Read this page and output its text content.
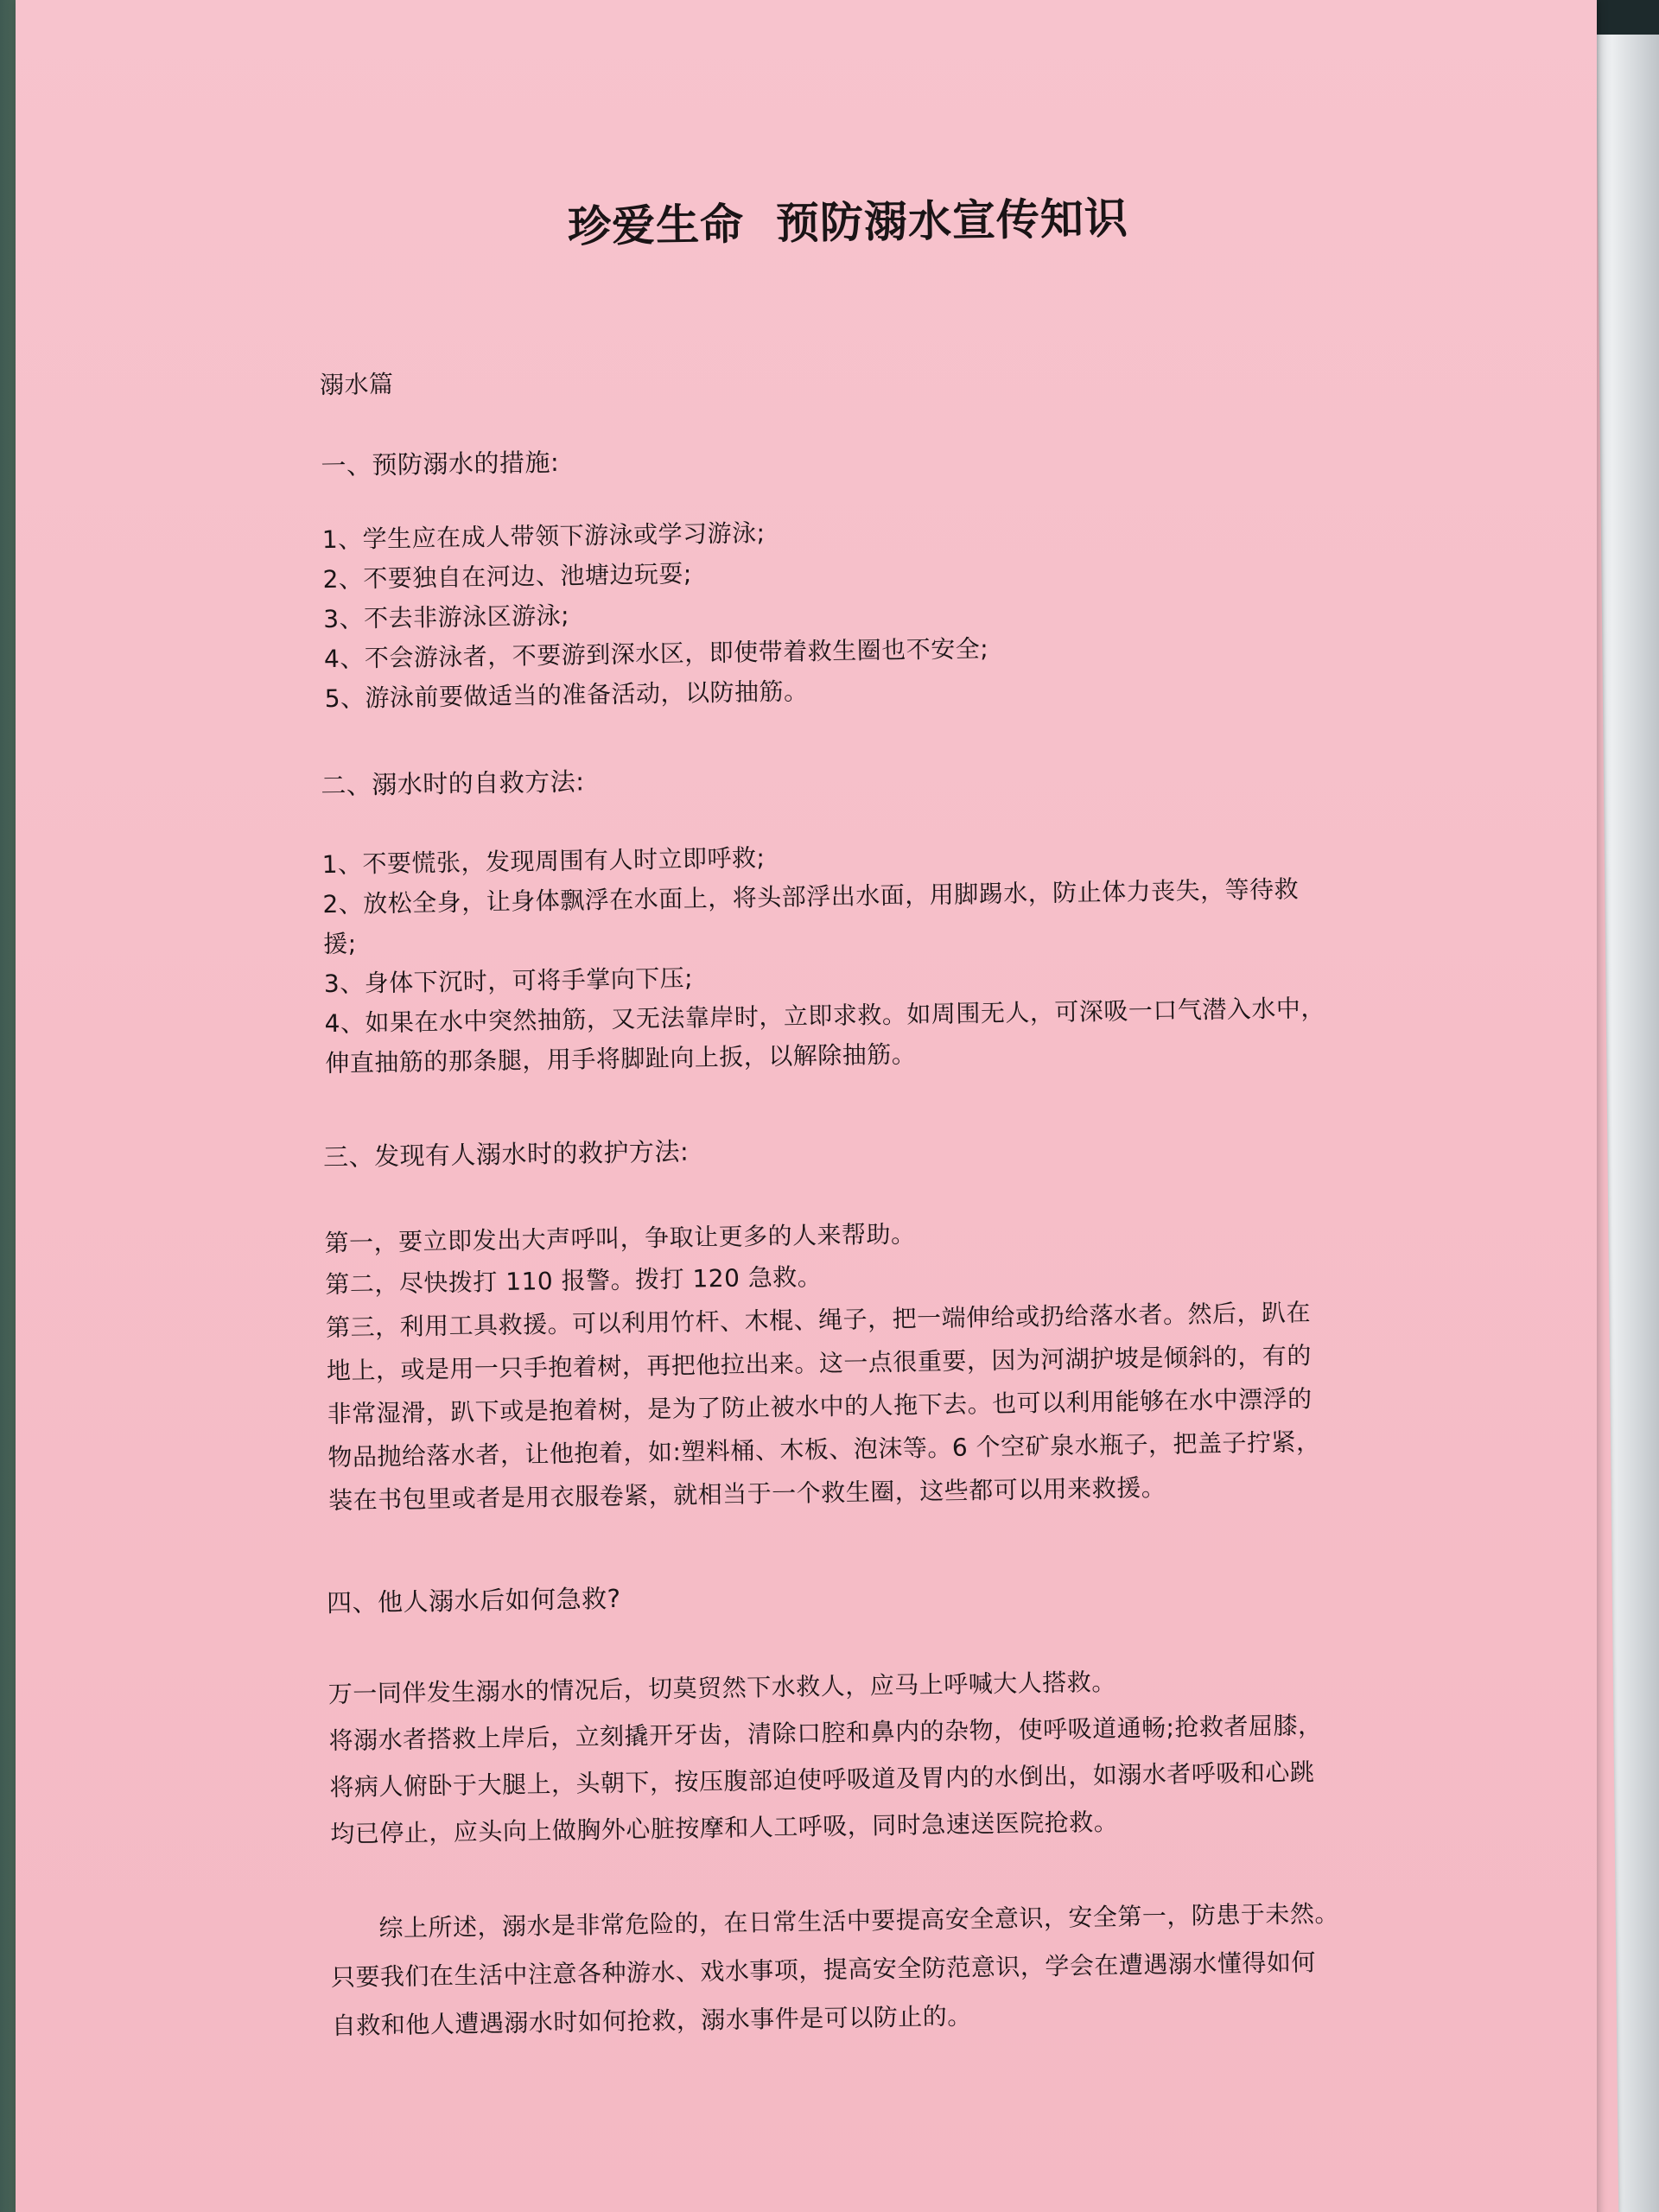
珍爱生命  预防溺水宣传知识
溺水篇
一、预防溺水的措施:
1、学生应在成人带领下游泳或学习游泳;
2、不要独自在河边、池塘边玩耍;
3、不去非游泳区游泳;
4、不会游泳者，不要游到深水区，即使带着救生圈也不安全;
5、游泳前要做适当的准备活动，以防抽筋。
二、溺水时的自救方法:
1、不要慌张，发现周围有人时立即呼救;
2、放松全身，让身体飘浮在水面上，将头部浮出水面，用脚踢水，防止体力丧失，等待救
援;
3、身体下沉时，可将手掌向下压;
4、如果在水中突然抽筋，又无法靠岸时，立即求救。如周围无人，可深吸一口气潜入水中，
伸直抽筋的那条腿，用手将脚趾向上扳，以解除抽筋。
三、发现有人溺水时的救护方法:
第一，要立即发出大声呼叫，争取让更多的人来帮助。
第二，尽快拨打 110 报警。拨打 120 急救。
第三，利用工具救援。可以利用竹杆、木棍、绳子，把一端伸给或扔给落水者。然后，趴在
地上，或是用一只手抱着树，再把他拉出来。这一点很重要，因为河湖护坡是倾斜的，有的
非常湿滑，趴下或是抱着树，是为了防止被水中的人拖下去。也可以利用能够在水中漂浮的
物品抛给落水者，让他抱着，如:塑料桶、木板、泡沫等。6 个空矿泉水瓶子，把盖子拧紧，
装在书包里或者是用衣服卷紧，就相当于一个救生圈，这些都可以用来救援。
四、他人溺水后如何急救?
万一同伴发生溺水的情况后，切莫贸然下水救人，应马上呼喊大人搭救。
将溺水者搭救上岸后，立刻撬开牙齿，清除口腔和鼻内的杂物，使呼吸道通畅;抢救者屈膝，
将病人俯卧于大腿上，头朝下，按压腹部迫使呼吸道及胃内的水倒出，如溺水者呼吸和心跳
均已停止，应头向上做胸外心脏按摩和人工呼吸，同时急速送医院抢救。
综上所述，溺水是非常危险的，在日常生活中要提高安全意识，安全第一，防患于未然。
只要我们在生活中注意各种游水、戏水事项，提高安全防范意识，学会在遭遇溺水懂得如何
自救和他人遭遇溺水时如何抢救，溺水事件是可以防止的。
